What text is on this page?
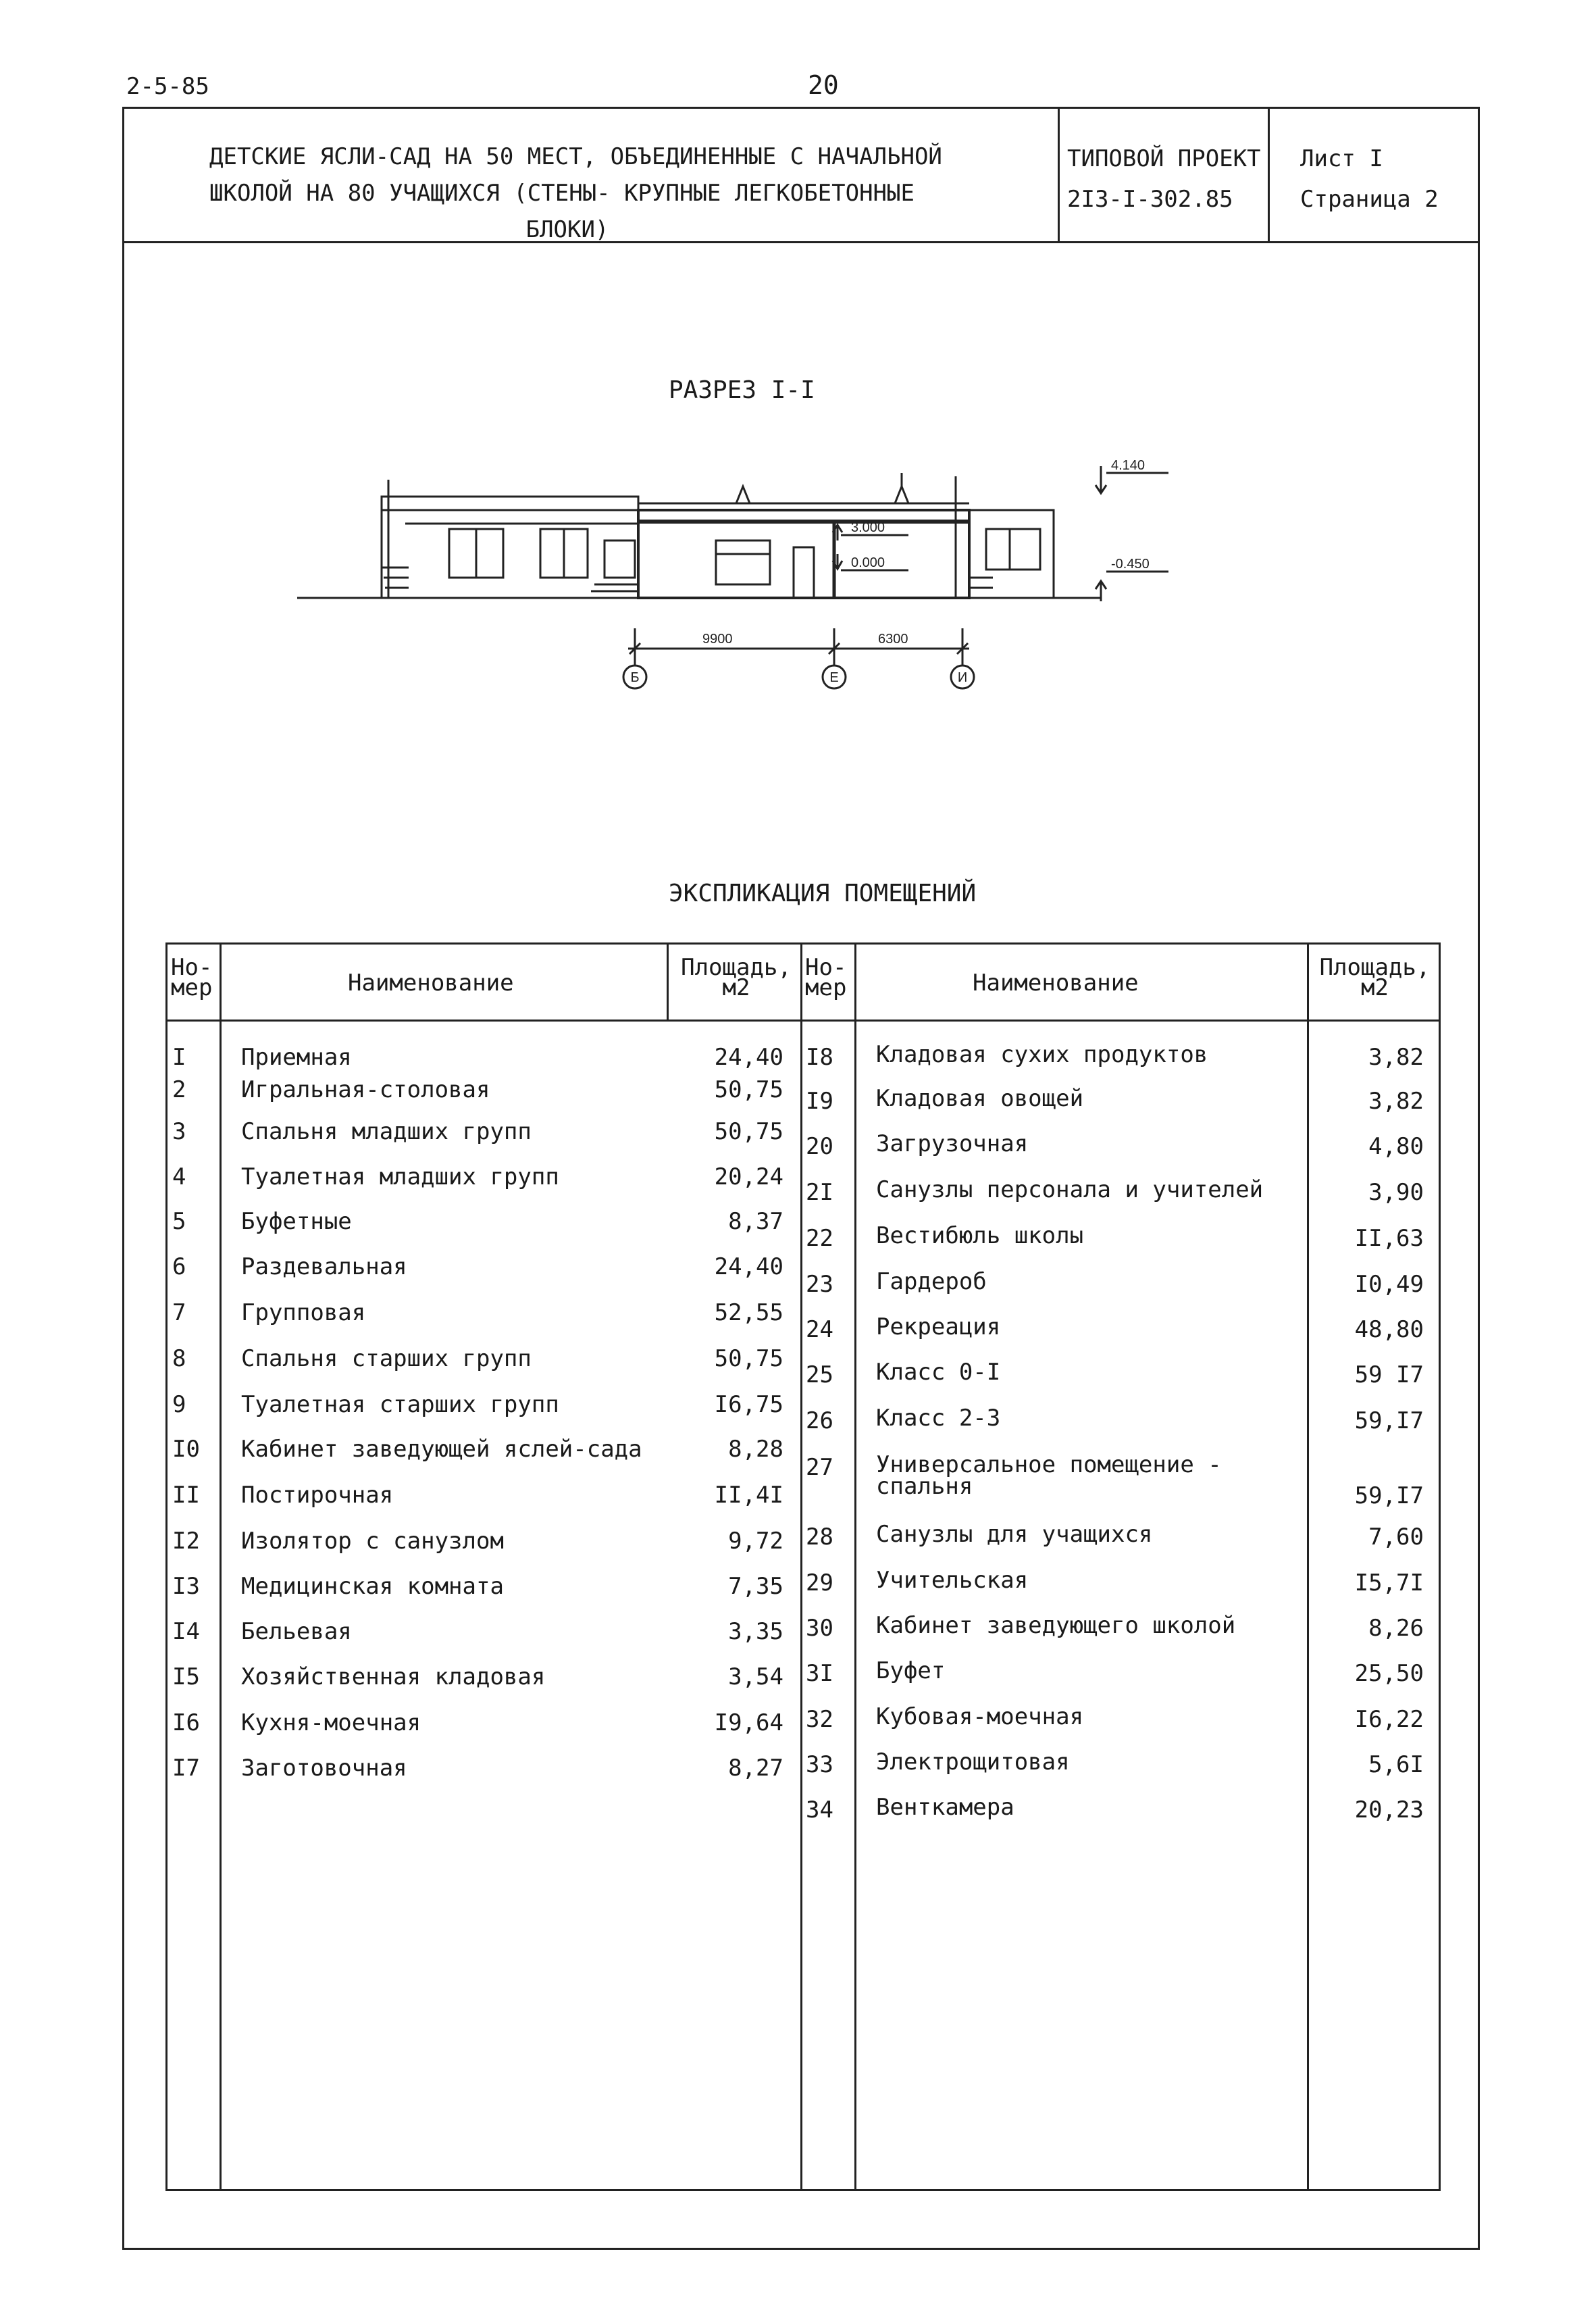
2-5-85	20
ДЕТСКИЕ ЯСЛИ-САД НА 50 МЕСТ, ОБЪЕДИНЕННЫЕ С НАЧАЛЬНОЙ
ШКОЛОЙ НА 80 УЧАЩИХСЯ (СТЕНЫ- КРУПНЫЕ ЛЕГКОБЕТОННЫЕ

БЛОКИ)
ТИПОВОЙ ПРОЕКТ
2I3-I-302.85
Лист I
Страница 2
РАЗРЕЗ I-I
4.140
3.000
0.000	-0.450
9900	6300
Б	Е	И
ЭКСПЛИКАЦИЯ ПОМЕЩЕНИЙ
Но-
мер	Наименование
Площадь,
м2
Но-
мер	Наименование
Площадь,
м2
I Приемная	24,40
2 Игральная-столовая	50,75
3 Спальня младших групп	50,75
4 Туалетная младших групп	20,24
5 Буфетные	8,37
6 Раздевальная	24,40
7 Групповая	52,55
8 Спальня старших групп	50,75
9 Туалетная старших групп	I6,75
I0 Кабинет заведующей яслей-сада	8,28
II Постирочная	II,4I
I2 Изолятор с санузлом	9,72
I3 Медицинская комната	7,35
I4 Бельевая	3,35
I5 Хозяйственная кладовая	3,54
I6 Кухня-моечная	I9,64
I7 Заготовочная	8,27
I8 Кладовая сухих продуктов	3,82
I9 Кладовая овощей	3,82
20 Загрузочная	4,80
2I Санузлы персонала и учителей	3,90
22 Вестибюль школы	II,63
23 Гардероб	I0,49
24 Рекреация	48,80
25 Класс 0-I	59 I7
26 Класс 2-3	59,I7
27 Универсальное помещение -
спальня	59,I7
28 Санузлы для учащихся	7,60
29 Учительская	I5,7I
30 Кабинет заведующего школой	8,26
3I Буфет	25,50
32 Кубовая-моечная	I6,22
33 Электрощитовая	5,6I
34 Венткамера	20,23
